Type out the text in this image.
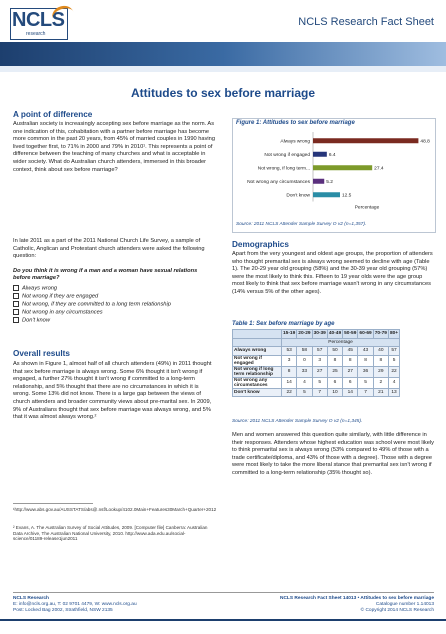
NCLS
research
NCLS Research Fact Sheet
Attitudes to sex before marriage
A point of difference
Australian society is increasingly accepting sex before marriage as the norm. As one indication of this, cohabitation with a partner before marriage has become more common in the past 20 years, from 45% of married couples in 1990 having lived together first, to 71% in 2000 and 79% in 2010¹. This represents a point of difference between the teaching of many churches and what is acceptable in wider society. What do Australian church attenders, immersed in this broader context, think about sex before marriage?
In late 2011 as a part of the 2011 National Church Life Survey, a sample of Catholic, Anglican and Protestant church attenders were asked the following question:
Do you think it is wrong if a man and a woman have sexual relations before marriage?
Always wrong
Not wrong if they are engaged
Not wrong, if they are committed to a long term relationship
Not wrong in any circumstances
Don't know
Overall results
As shown in Figure 1, almost half of all church attenders (49%) in 2011 thought that sex before marriage is always wrong. Some 6% thought it isn't wrong if engaged, a further 27% thought it isn't wrong if committed to a long-term relationship, and 5% thought that there are no circumstances in which it is wrong. Some 13% did not know. There is a large gap between the views of church attenders and broader community views about pre-marital sex. In 2009, 9% of Australians thought that sex before marriage was always wrong, and 5% that it was almost always wrong.²
¹http://www.abs.gov.au/AUSSTATS/abs@.nsf/Lookup/4102.0Main+Features30March+Quarter+2012
² Evans, A. The Australian Survey of Social Attitudes, 2009. [Computer file] Canberra: Australian Data Archive, The Australian National University, 2010. http://www.ada.edu.au/social-science/01189-release1jun2011
Figure 1: Attitudes to sex before marriage
Always wrong	48.8
Not wrong if engaged	6.4
Not wrong, if long term...	27.4
Not wrong any circumstances	5.2
Don't know	12.5
Percentage
Source: 2011 NCLS Attender Sample Survey O v2 (n=1,357).
Demographics
Apart from the very youngest and oldest age groups, the proportion of attenders who thought premarital sex is always wrong seemed to decline with age (Table 1). The 20-29 year old grouping (58%) and the 30-39 year old grouping (57%) were the most likely to think this. Fifteen to 19 year olds were the age group most likely to think that sex before marriage wasn't wrong in any circumstances (14% versus 5% of the other ages).
Table 1: Sex before marriage by age
	15-19	20-29	30-39	40-49	50-59	60-69	70-79	80+
	Percentage							
Always wrong	53	58	57	50	45	43	40	57
Not wrong if engaged	3	0	3	8	8	8	8	5
Not wrong if long term relationship	8	33	27	25	27	36	29	22
Not wrong any circumstances	14	4	5	6	6	5	2	4
Don't know	22	5	7	10	14	7	21	13
Source: 2011 NCLS Attender Sample Survey O v2 (n=1,345).
Men and women answered this question quite similarly, with little difference in their responses. Attenders whose highest education was school were most likely to think premarital sex is always wrong (53% compared to 49% of those with a trade certificate/diploma, and 43% of those with a degree). Those with a degree were most likely to take the more liberal stance that premarital sex isn't wrong if committed to a long-term relationship (35% thought so).
NCLS Research
E: info@ncls.org.au, T: 02 9701 4479, W: www.ncls.org.au
Post: Locked Bag 2002, Strathfield, NSW 2135
NCLS Research Fact Sheet 14013 • Attitudes to sex before marriage
Catalogue number 1.14013
© Copyright 2014 NCLS Research
